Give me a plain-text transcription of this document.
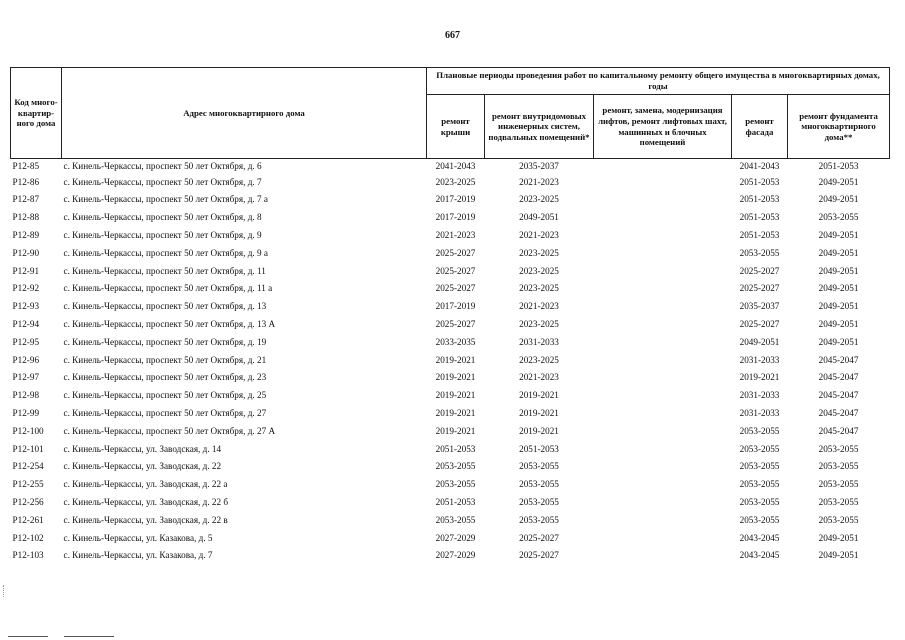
667
Код много-квартир-ного дома	Адрес многоквартирного дома	Плановые периоды проведения работ по капитальному ремонту общего имущества в многоквартирных домах, годы				
		ремонт крыши	ремонт внутридомовых инженерных систем, подвальных помещений*	ремонт, замена, модернизация лифтов, ремонт лифтовых шахт, машинных и блочных помещений	ремонт фасада	ремонт фундамента многоквартирного дома**
Р12-85	с. Кинель-Черкассы, проспект 50 лет Октября, д. 6	2041-2043	2035-2037		2041-2043	2051-2053
Р12-86	с. Кинель-Черкассы, проспект 50 лет Октября, д. 7	2023-2025	2021-2023		2051-2053	2049-2051
Р12-87	с. Кинель-Черкассы, проспект 50 лет Октября, д. 7 а	2017-2019	2023-2025		2051-2053	2049-2051
Р12-88	с. Кинель-Черкассы, проспект 50 лет Октября, д. 8	2017-2019	2049-2051		2051-2053	2053-2055
Р12-89	с. Кинель-Черкассы, проспект 50 лет Октября, д. 9	2021-2023	2021-2023		2051-2053	2049-2051
Р12-90	с. Кинель-Черкассы, проспект 50 лет Октября, д. 9 а	2025-2027	2023-2025		2053-2055	2049-2051
Р12-91	с. Кинель-Черкассы, проспект 50 лет Октября, д. 11	2025-2027	2023-2025		2025-2027	2049-2051
Р12-92	с. Кинель-Черкассы, проспект 50 лет Октября, д. 11 а	2025-2027	2023-2025		2025-2027	2049-2051
Р12-93	с. Кинель-Черкассы, проспект 50 лет Октября, д. 13	2017-2019	2021-2023		2035-2037	2049-2051
Р12-94	с. Кинель-Черкассы, проспект 50 лет Октября, д. 13 А	2025-2027	2023-2025		2025-2027	2049-2051
Р12-95	с. Кинель-Черкассы, проспект 50 лет Октября, д. 19	2033-2035	2031-2033		2049-2051	2049-2051
Р12-96	с. Кинель-Черкассы, проспект 50 лет Октября, д. 21	2019-2021	2023-2025		2031-2033	2045-2047
Р12-97	с. Кинель-Черкассы, проспект 50 лет Октября, д. 23	2019-2021	2021-2023		2019-2021	2045-2047
Р12-98	с. Кинель-Черкассы, проспект 50 лет Октября, д. 25	2019-2021	2019-2021		2031-2033	2045-2047
Р12-99	с. Кинель-Черкассы, проспект 50 лет Октября, д. 27	2019-2021	2019-2021		2031-2033	2045-2047
Р12-100	с. Кинель-Черкассы, проспект 50 лет Октября, д. 27 А	2019-2021	2019-2021		2053-2055	2045-2047
Р12-101	с. Кинель-Черкассы, ул. Заводская, д. 14	2051-2053	2051-2053		2053-2055	2053-2055
Р12-254	с. Кинель-Черкассы, ул. Заводская, д. 22	2053-2055	2053-2055		2053-2055	2053-2055
Р12-255	с. Кинель-Черкассы, ул. Заводская, д. 22 а	2053-2055	2053-2055		2053-2055	2053-2055
Р12-256	с. Кинель-Черкассы, ул. Заводская, д. 22 б	2051-2053	2053-2055		2053-2055	2053-2055
Р12-261	с. Кинель-Черкассы, ул. Заводская, д. 22 в	2053-2055	2053-2055		2053-2055	2053-2055
Р12-102	с. Кинель-Черкассы, ул. Казакова, д. 5	2027-2029	2025-2027		2043-2045	2049-2051
Р12-103	с. Кинель-Черкассы, ул. Казакова, д. 7	2027-2029	2025-2027		2043-2045	2049-2051
